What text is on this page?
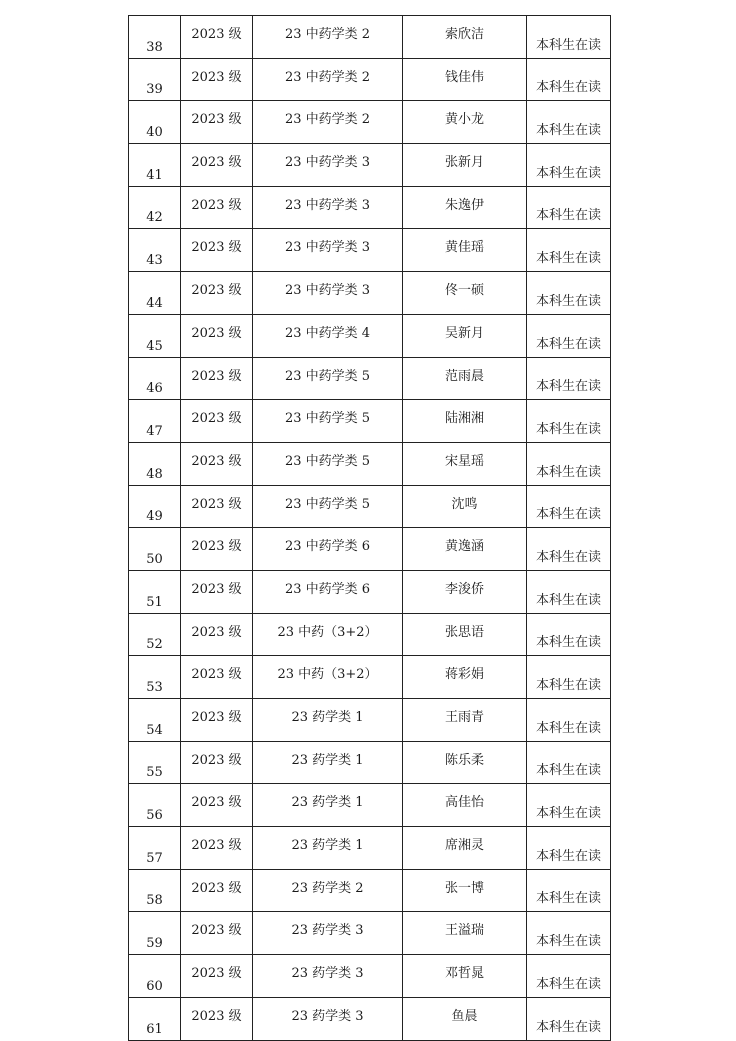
38	2023 级	23 中药学类 2	索欣洁	本科生在读
39	2023 级	23 中药学类 2	钱佳伟	本科生在读
40	2023 级	23 中药学类 2	黄小龙	本科生在读
41	2023 级	23 中药学类 3	张新月	本科生在读
42	2023 级	23 中药学类 3	朱逸伊	本科生在读
43	2023 级	23 中药学类 3	黄佳瑶	本科生在读
44	2023 级	23 中药学类 3	佟一硕	本科生在读
45	2023 级	23 中药学类 4	吴新月	本科生在读
46	2023 级	23 中药学类 5	范雨晨	本科生在读
47	2023 级	23 中药学类 5	陆湘湘	本科生在读
48	2023 级	23 中药学类 5	宋星瑶	本科生在读
49	2023 级	23 中药学类 5	沈鸣	本科生在读
50	2023 级	23 中药学类 6	黄逸涵	本科生在读
51	2023 级	23 中药学类 6	李浚侨	本科生在读
52	2023 级	23 中药（3+2）	张思语	本科生在读
53	2023 级	23 中药（3+2）	蒋彩娟	本科生在读
54	2023 级	23 药学类 1	王雨青	本科生在读
55	2023 级	23 药学类 1	陈乐柔	本科生在读
56	2023 级	23 药学类 1	高佳怡	本科生在读
57	2023 级	23 药学类 1	席湘灵	本科生在读
58	2023 级	23 药学类 2	张一博	本科生在读
59	2023 级	23 药学类 3	王溢瑞	本科生在读
60	2023 级	23 药学类 3	邓哲晁	本科生在读
61	2023 级	23 药学类 3	鱼晨	本科生在读
